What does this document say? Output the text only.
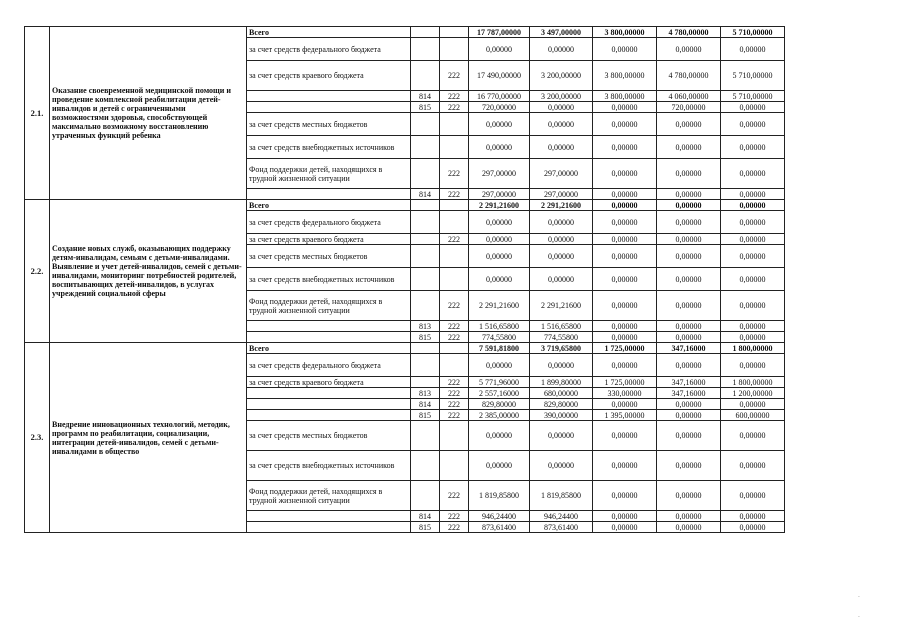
2.1.	Оказание своевременной медицинской помощи и проведение комплексной реабилитации детей-инвалидов и детей с ограниченными возможностями здоровья, способствующей максимально возможному восстановлению утраченных функций ребенка	Всего			17 787,00000	3 497,00000	3 800,00000	4 780,00000	5 710,00000
		за счет средств федерального бюджета			0,00000	0,00000	0,00000	0,00000	0,00000
		за счет средств краевого бюджета		222	17 490,00000	3 200,00000	3 800,00000	4 780,00000	5 710,00000
			814	222	16 770,00000	3 200,00000	3 800,00000	4 060,00000	5 710,00000
			815	222	720,00000	0,00000	0,00000	720,00000	0,00000
		за счет средств местных бюджетов			0,00000	0,00000	0,00000	0,00000	0,00000
		за счет средств внебюджетных источников			0,00000	0,00000	0,00000	0,00000	0,00000
		Фонд поддержки детей, находящихся в трудной жизненной ситуации		222	297,00000	297,00000	0,00000	0,00000	0,00000
			814	222	297,00000	297,00000	0,00000	0,00000	0,00000
2.2.	Создание новых служб, оказывающих поддержку детям-инвалидам, семьям с детьми-инвалидами. Выявление и учет детей-инвалидов, семей с детьми-инвалидами, мониторинг потребностей родителей, воспитывающих детей-инвалидов, в услугах учреждений социальной сферы	Всего			2 291,21600	2 291,21600	0,00000	0,00000	0,00000
		за счет средств федерального бюджета			0,00000	0,00000	0,00000	0,00000	0,00000
		за счет средств краевого бюджета		222	0,00000	0,00000	0,00000	0,00000	0,00000
		за счет средств местных бюджетов			0,00000	0,00000	0,00000	0,00000	0,00000
		за счет средств внебюджетных источников			0,00000	0,00000	0,00000	0,00000	0,00000
		Фонд поддержки детей, находящихся в трудной жизненной ситуации		222	2 291,21600	2 291,21600	0,00000	0,00000	0,00000
			813	222	1 516,65800	1 516,65800	0,00000	0,00000	0,00000
			815	222	774,55800	774,55800	0,00000	0,00000	0,00000
2.3.	Внедрение инновационных технологий, методик, программ по реабилитации, социализации, интеграции детей-инвалидов, семей с детьми-инвалидами в общество	Всего			7 591,81800	3 719,65800	1 725,00000	347,16000	1 800,00000
		за счет средств федерального бюджета			0,00000	0,00000	0,00000	0,00000	0,00000
		за счет средств краевого бюджета		222	5 771,96000	1 899,80000	1 725,00000	347,16000	1 800,00000
			813	222	2 557,16000	680,00000	330,00000	347,16000	1 200,00000
			814	222	829,80000	829,80000	0,00000	0,00000	0,00000
			815	222	2 385,00000	390,00000	1 395,00000	0,00000	600,00000
		за счет средств местных бюджетов			0,00000	0,00000	0,00000	0,00000	0,00000
		за счет средств внебюджетных источников			0,00000	0,00000	0,00000	0,00000	0,00000
		Фонд поддержки детей, находящихся в трудной жизненной ситуации		222	1 819,85800	1 819,85800	0,00000	0,00000	0,00000
			814	222	946,24400	946,24400	0,00000	0,00000	0,00000
			815	222	873,61400	873,61400	0,00000	0,00000	0,00000
·
·
